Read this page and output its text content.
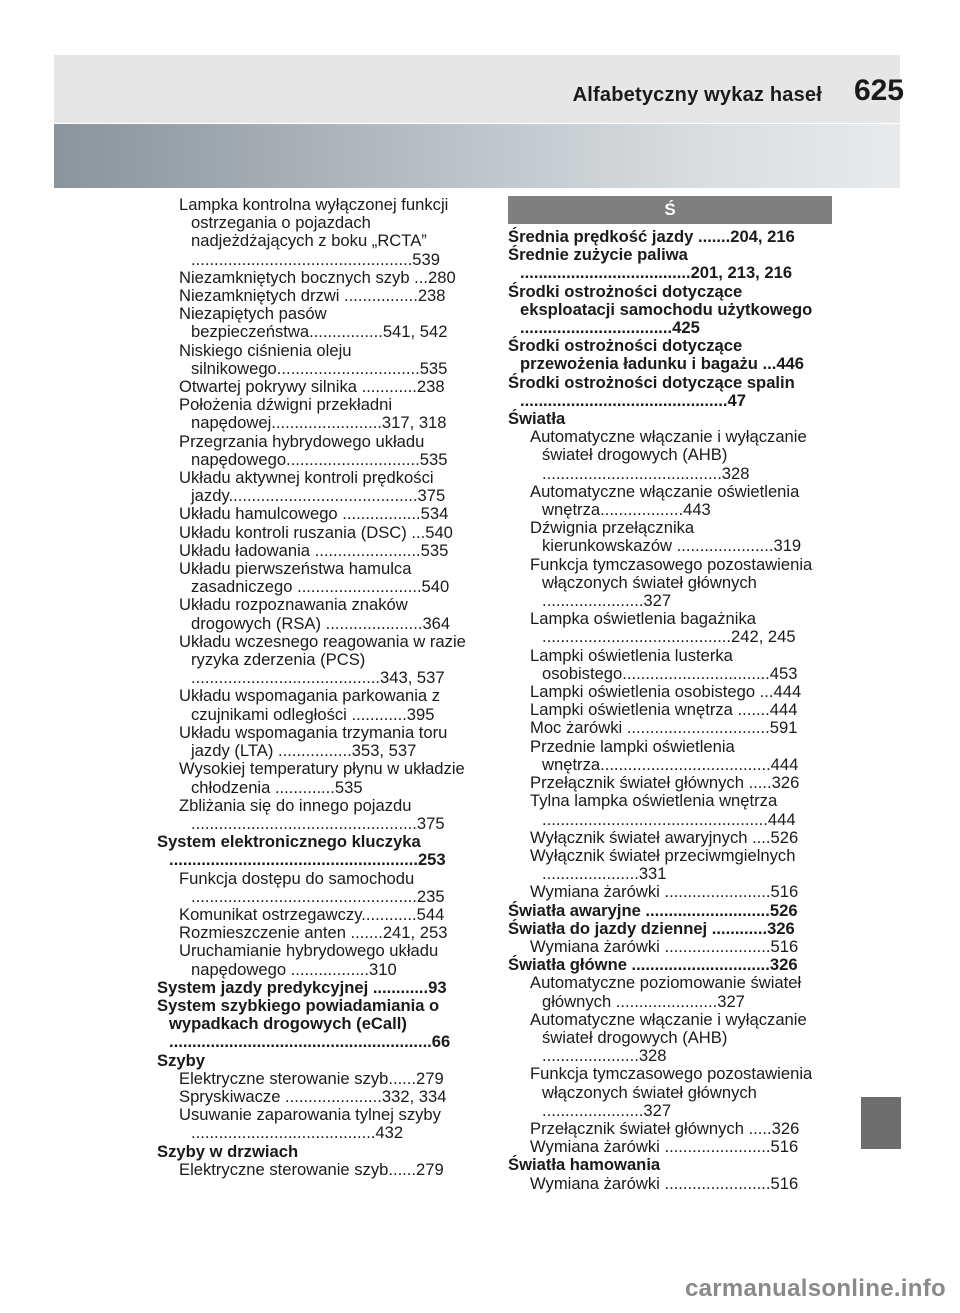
Alfabetyczny wykaz haseł 625
Lampka kontrolna wyłączonej funkcji ostrzegania o pojazdach nadjeżdżających z boku „RCTA” ................................................539
Niezamkniętych bocznych szyb ...280
Niezamkniętych drzwi ................238
Niezapiętych pasów bezpieczeństwa................541, 542
Niskiego ciśnienia oleju silnikowego...............................535
Otwartej pokrywy silnika ............238
Położenia dźwigni przekładni napędowej........................317, 318
Przegrzania hybrydowego układu napędowego.............................535
Układu aktywnej kontroli prędkości jazdy.........................................375
Układu hamulcowego .................534
Układu kontroli ruszania (DSC) ...540
Układu ładowania .......................535
Układu pierwszeństwa hamulca zasadniczego ...........................540
Układu rozpoznawania znaków drogowych (RSA) .....................364
Układu wczesnego reagowania w razie ryzyka zderzenia (PCS) .........................................343, 537
Układu wspomagania parkowania z czujnikami odległości ............395
Układu wspomagania trzymania toru jazdy (LTA) ................353, 537
Wysokiej temperatury płynu w układzie chłodzenia .............535
Zbliżania się do innego pojazdu .................................................375
System elektronicznego kluczyka ......................................................253
Funkcja dostępu do samochodu .................................................235
Komunikat ostrzegawczy............544
Rozmieszczenie anten .......241, 253
Uruchamianie hybrydowego układu napędowego .................310
System jazdy predykcyjnej ............93
System szybkiego powiadamiania o wypadkach drogowych (eCall) .........................................................66
Szyby
Elektryczne sterowanie szyb......279
Spryskiwacze .....................332, 334
Usuwanie zaparowania tylnej szyby ........................................432
Szyby w drzwiach
Elektryczne sterowanie szyb......279
Ś
Średnia prędkość jazdy .......204, 216
Średnie zużycie paliwa .....................................201, 213, 216
Środki ostrożności dotyczące eksploatacji samochodu użytkowego .................................425
Środki ostrożności dotyczące przewożenia ładunku i bagażu ...446
Środki ostrożności dotyczące spalin .............................................47
Światła
Automatyczne włączanie i wyłączanie świateł drogowych (AHB) .......................................328
Automatyczne włączanie oświetlenia wnętrza..................443
Dźwignia przełącznika kierunkowskazów .....................319
Funkcja tymczasowego pozostawienia włączonych świateł głównych ......................327
Lampka oświetlenia bagażnika .........................................242, 245
Lampki oświetlenia lusterka osobistego................................453
Lampki oświetlenia osobistego ...444
Lampki oświetlenia wnętrza .......444
Moc żarówki ...............................591
Przednie lampki oświetlenia wnętrza.....................................444
Przełącznik świateł głównych .....326
Tylna lampka oświetlenia wnętrza .................................................444
Wyłącznik świateł awaryjnych ....526
Wyłącznik świateł przeciwmgielnych .....................331
Wymiana żarówki .......................516
Światła awaryjne ...........................526
Światła do jazdy dziennej ............326
Wymiana żarówki .......................516
Światła główne ..............................326
Automatyczne poziomowanie świateł głównych ......................327
Automatyczne włączanie i wyłączanie świateł drogowych (AHB) .....................328
Funkcja tymczasowego pozostawienia włączonych świateł głównych ......................327
Przełącznik świateł głównych .....326
Wymiana żarówki .......................516
Światła hamowania
Wymiana żarówki .......................516
carmanualsonline.info
